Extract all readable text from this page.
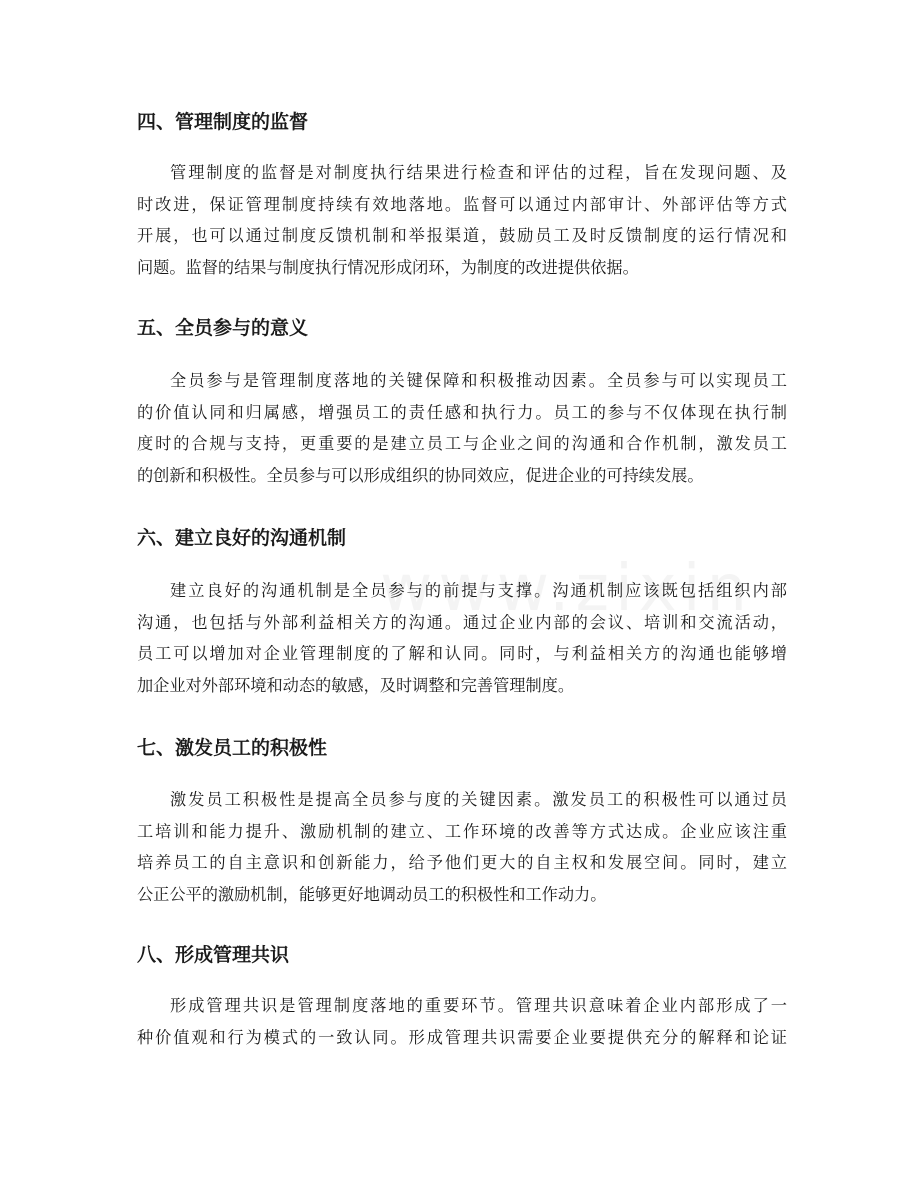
四、管理制度的监督
管理制度的监督是对制度执行结果进行检查和评估的过程，旨在发现问题、及
时改进，保证管理制度持续有效地落地。监督可以通过内部审计、外部评估等方式
开展，也可以通过制度反馈机制和举报渠道，鼓励员工及时反馈制度的运行情况和
问题。监督的结果与制度执行情况形成闭环，为制度的改进提供依据。
五、全员参与的意义
全员参与是管理制度落地的关键保障和积极推动因素。全员参与可以实现员工
的价值认同和归属感，增强员工的责任感和执行力。员工的参与不仅体现在执行制
度时的合规与支持，更重要的是建立员工与企业之间的沟通和合作机制，激发员工
的创新和积极性。全员参与可以形成组织的协同效应，促进企业的可持续发展。
六、建立良好的沟通机制
建立良好的沟通机制是全员参与的前提与支撑。沟通机制应该既包括组织内部
沟通，也包括与外部利益相关方的沟通。通过企业内部的会议、培训和交流活动，
员工可以增加对企业管理制度的了解和认同。同时，与利益相关方的沟通也能够增
加企业对外部环境和动态的敏感，及时调整和完善管理制度。
七、激发员工的积极性
激发员工积极性是提高全员参与度的关键因素。激发员工的积极性可以通过员
工培训和能力提升、激励机制的建立、工作环境的改善等方式达成。企业应该注重
培养员工的自主意识和创新能力，给予他们更大的自主权和发展空间。同时，建立
公正公平的激励机制，能够更好地调动员工的积极性和工作动力。
八、形成管理共识
形成管理共识是管理制度落地的重要环节。管理共识意味着企业内部形成了一
种价值观和行为模式的一致认同。形成管理共识需要企业要提供充分的解释和论证
